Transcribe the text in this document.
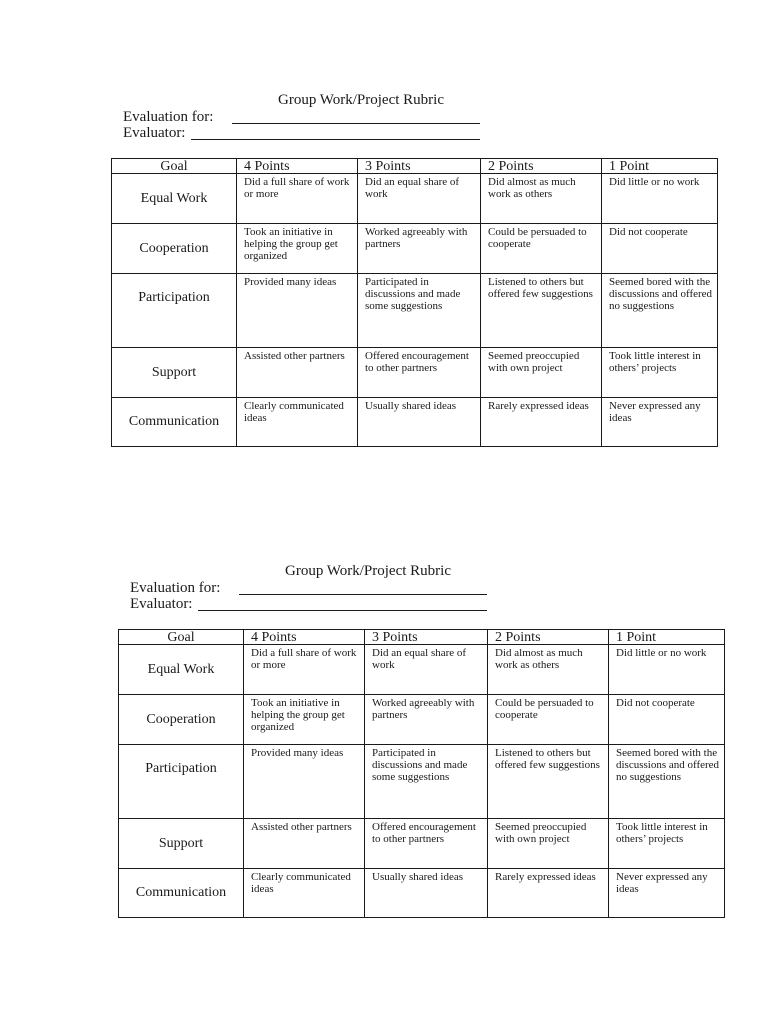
Group Work/Project Rubric
Evaluation for:
Evaluator:
Goal	4 Points	3 Points	2 Points	1 Point
Equal Work	Did a full share of work or more	Did an equal share of work	Did almost as much work as others	Did little or no work
Cooperation	Took an initiative in helping the group get organized	Worked agreeably with partners	Could be persuaded to cooperate	Did not cooperate
Participation	Provided many ideas	Participated in discussions and made some suggestions	Listened to others but offered few suggestions	Seemed bored with the discussions and offered no suggestions
Support	Assisted other partners	Offered encouragement to other partners	Seemed preoccupied with own project	Took little interest in others’ projects
Communication	Clearly communicated ideas	Usually shared ideas	Rarely expressed ideas	Never expressed any ideas
Group Work/Project Rubric
Evaluation for:
Evaluator:
Goal	4 Points	3 Points	2 Points	1 Point
Equal Work	Did a full share of work or more	Did an equal share of work	Did almost as much work as others	Did little or no work
Cooperation	Took an initiative in helping the group get organized	Worked agreeably with partners	Could be persuaded to cooperate	Did not cooperate
Participation	Provided many ideas	Participated in discussions and made some suggestions	Listened to others but offered few suggestions	Seemed bored with the discussions and offered no suggestions
Support	Assisted other partners	Offered encouragement to other partners	Seemed preoccupied with own project	Took little interest in others’ projects
Communication	Clearly communicated ideas	Usually shared ideas	Rarely expressed ideas	Never expressed any ideas
